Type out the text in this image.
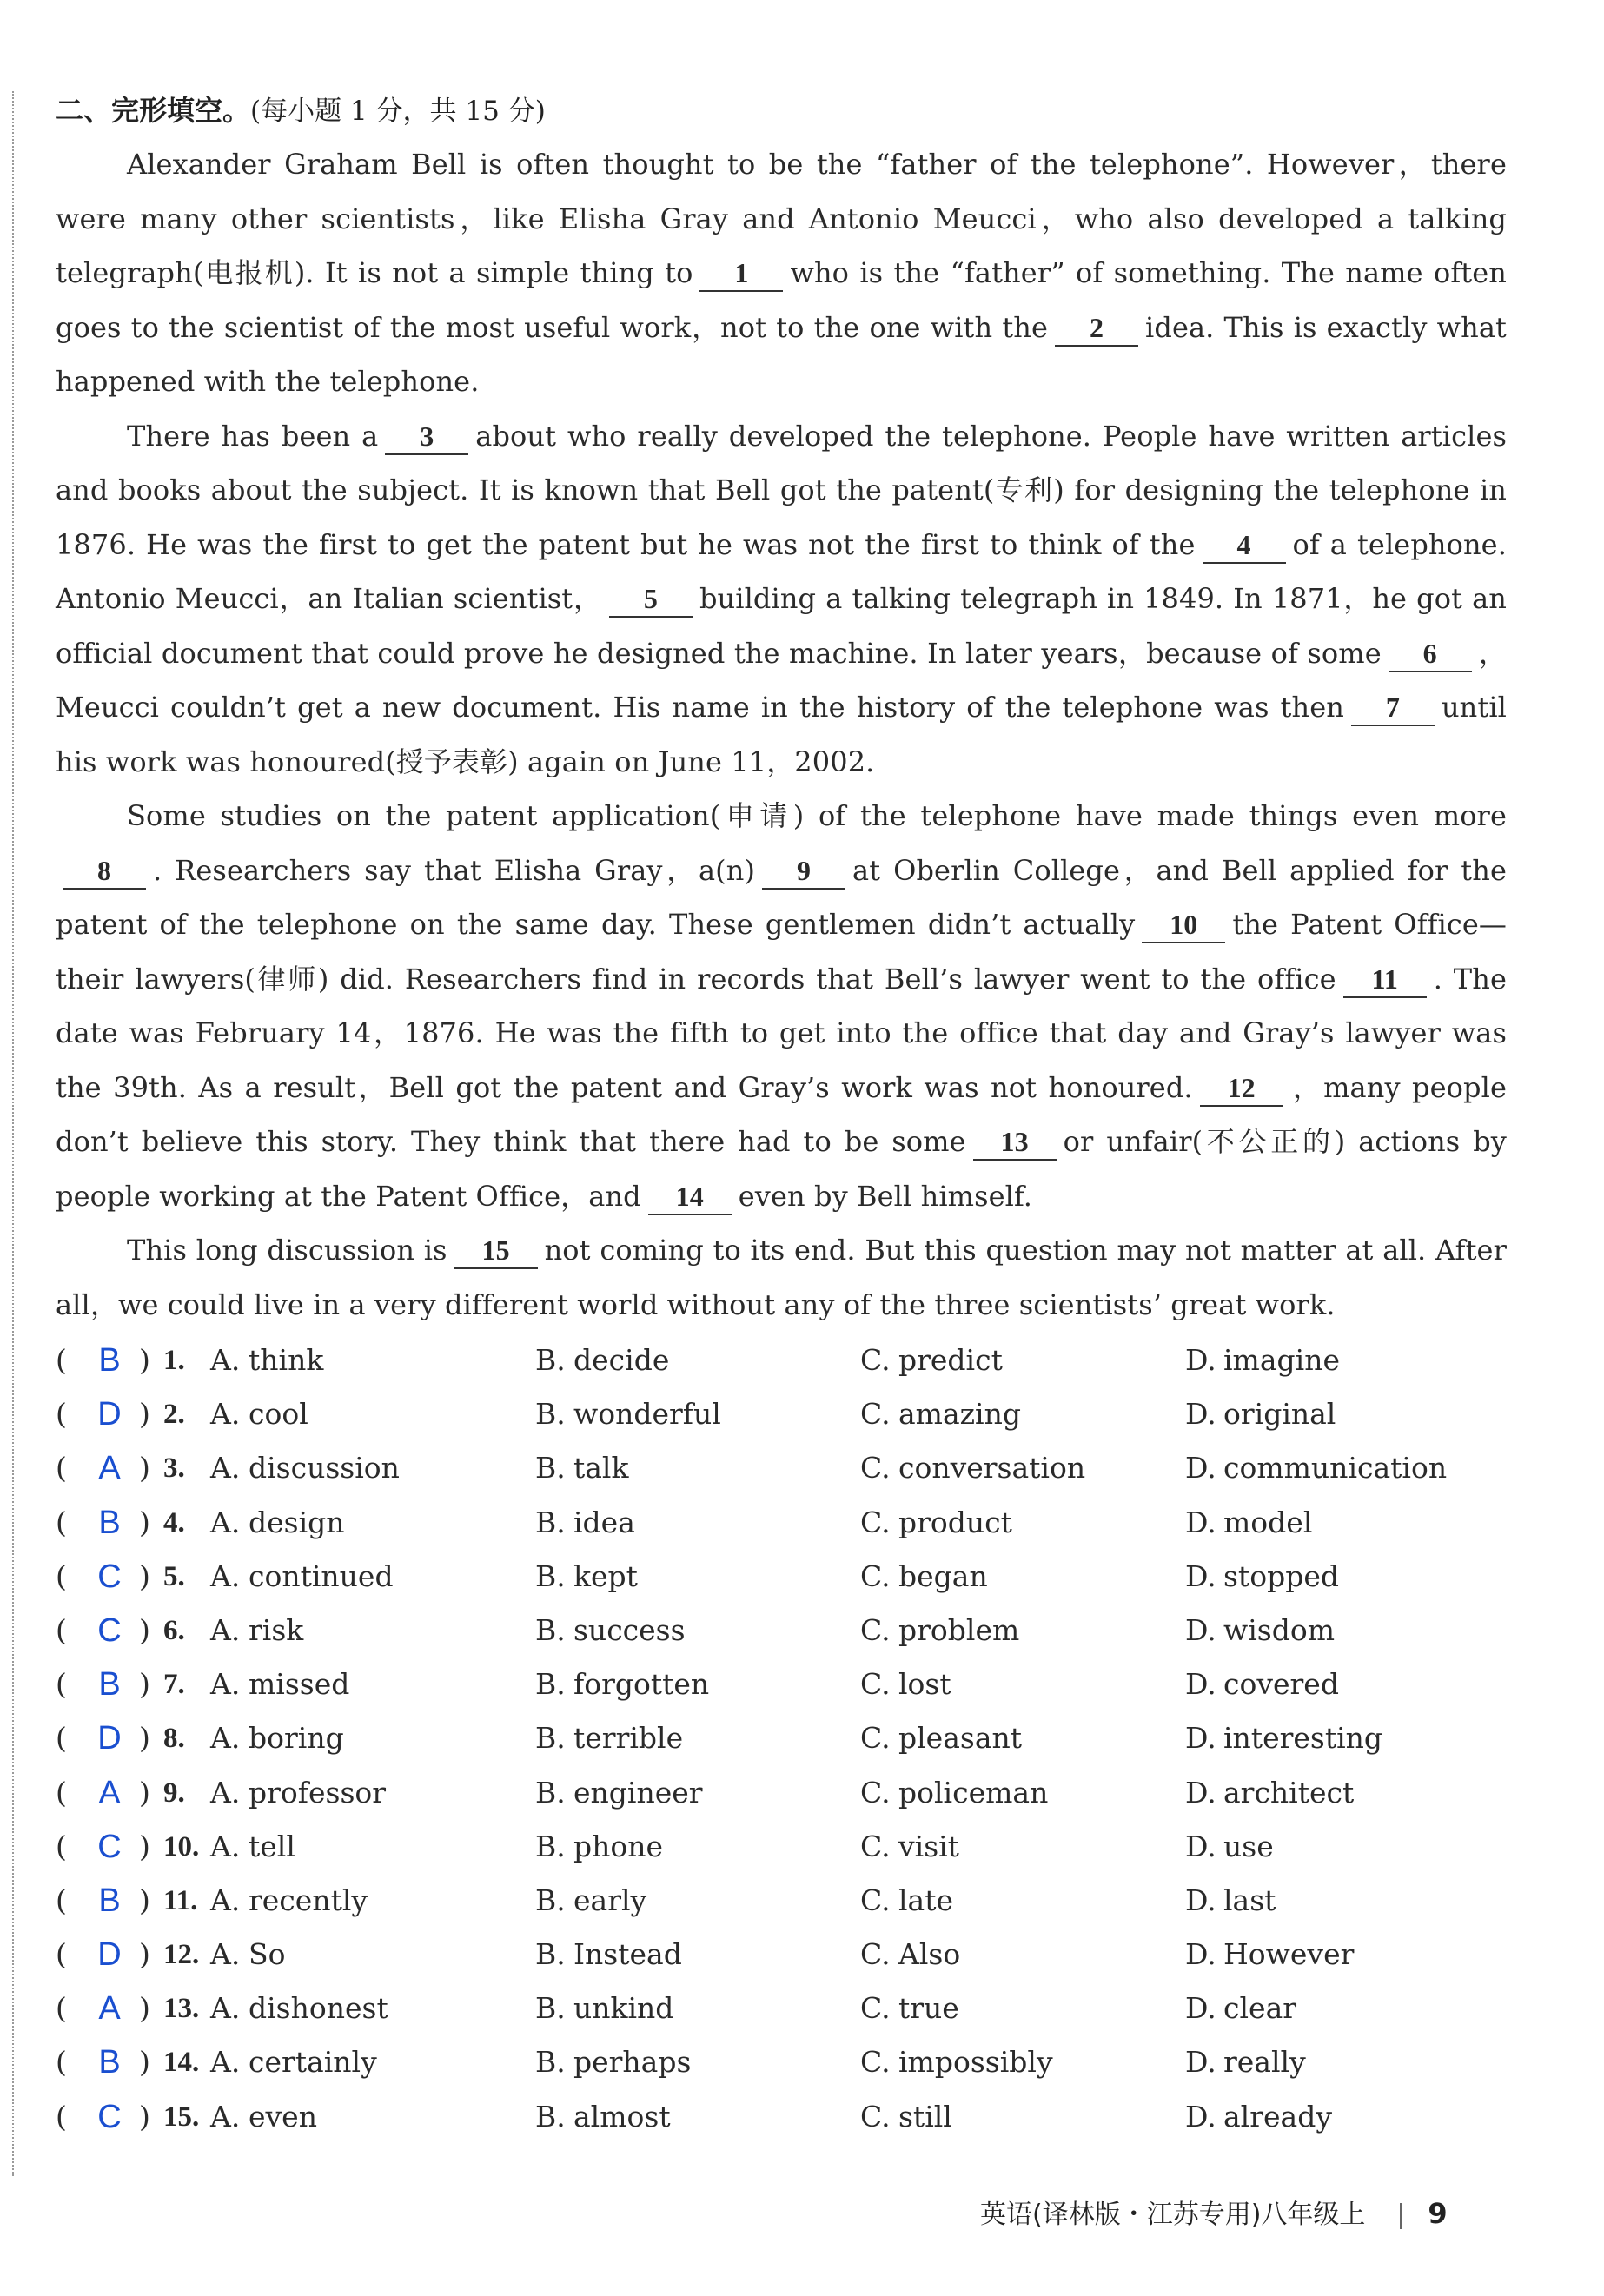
二、完形填空。(每小题 1 分，共 15 分)

Alexander Graham Bell is often thought to be the “father of the telephone”. However，there were many other scientists，like Elisha Gray and Antonio Meucci，who also developed a talking telegraph(电报机). It is not a simple thing to 1 who is the “father” of something. The name often goes to the scientist of the most useful work，not to the one with the 2 idea. This is exactly what happened with the telephone.

There has been a 3 about who really developed the telephone. People have written articles and books about the subject. It is known that Bell got the patent(专利) for designing the telephone in 1876. He was the first to get the patent but he was not the first to think of the 4 of a telephone. Antonio Meucci，an Italian scientist， 5 building a talking telegraph in 1849. In 1871，he got an official document that could prove he designed the machine. In later years，because of some 6 ，Meucci couldn’t get a new document. His name in the history of the telephone was then 7 until his work was honoured(授予表彰) again on June 11，2002.

Some studies on the patent application(申请) of the telephone have made things even more8 . Researchers say that Elisha Gray，a(n) 9 at Oberlin College，and Bell applied for the patent of the telephone on the same day. These gentlemen didn’t actually 10 the Patent Office—their lawyers(律师) did. Researchers find in records that Bell’s lawyer went to the office 11 . The date was February 14，1876. He was the fifth to get into the office that day and Gray’s lawyer was the 39th. As a result，Bell got the patent and Gray’s work was not honoured. 12 ，many people don’t believe this story. They think that there had to be some 13 or unfair(不公正的) actions by people working at the Patent Office，and 14 even by Bell himself.

This long discussion is 15 not coming to its end. But this question may not matter at all. After all，we could live in a very different world without any of the three scientists’ great work.

( B ) 1. A. think	B. decide	C. predict	D. imagine
( D ) 2. A. cool	B. wonderful	C. amazing	D. original
( A ) 3. A. discussion	B. talk	C. conversation	D. communication
( B ) 4. A. design	B. idea	C. product	D. model
( C ) 5. A. continued	B. kept	C. began	D. stopped
( C ) 6. A. risk	B. success	C. problem	D. wisdom
( B ) 7. A. missed	B. forgotten	C. lost	D. covered
( D ) 8. A. boring	B. terrible	C. pleasant	D. interesting
( A ) 9. A. professor	B. engineer	C. policeman	D. architect
( C ) 10. A. tell	B. phone	C. visit	D. use
( B ) 11. A. recently	B. early	C. late	D. last
( D ) 12. A. So	B. Instead	C. Also	D. However
( A ) 13. A. dishonest	B. unkind	C. true	D. clear
( B ) 14. A. certainly	B. perhaps	C. impossibly	D. really
( C ) 15. A. even	B. almost	C. still	D. already
英语(译林版・江苏专用)八年级上 9
